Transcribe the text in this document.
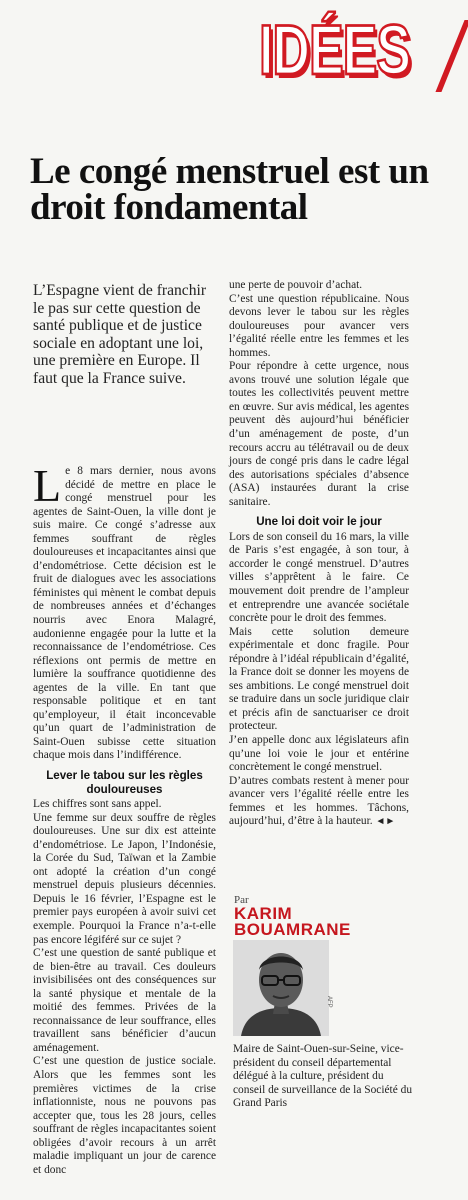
IDÉES
Le congé menstruel est un droit fondamental

L’Espagne vient de franchir le pas sur cette question de santé publique et de justice sociale en adoptant une loi, une première en Europe. Il faut que la France suive.

Le 8 mars dernier, nous avons décidé de mettre en place le congé menstruel pour les agentes de Saint-Ouen, la ville dont je suis maire. Ce congé s’adresse aux femmes souffrant de règles douloureuses et incapacitantes ainsi que d’endométriose. Cette décision est le fruit de dialogues avec les associations féministes qui mènent le combat depuis de nombreuses années et d’échanges nourris avec Enora Malagré, audonienne engagée pour la lutte et la reconnaissance de l’endométriose. Ces réflexions ont permis de mettre en lumière la souffrance quotidienne des agentes de la ville. En tant que responsable politique et en tant qu’employeur, il était inconcevable qu’un quart de l’administration de Saint-Ouen subisse cette situation chaque mois dans l’indifférence.

Lever le tabou sur les règles douloureuses

Les chiffres sont sans appel.

Une femme sur deux souffre de règles douloureuses. Une sur dix est atteinte d’endométriose. Le Japon, l’Indonésie, la Corée du Sud, Taïwan et la Zambie ont adopté la création d’un congé menstruel depuis plusieurs décennies. Depuis le 16 février, l’Espagne est le premier pays européen à avoir suivi cet exemple. Pourquoi la France n’a-t-elle pas encore légiféré sur ce sujet ?

C’est une question de santé publique et de bien-être au travail. Ces douleurs invisibilisées ont des conséquences sur la santé physique et mentale de la moitié des femmes. Privées de la reconnaissance de leur souffrance, elles travaillent sans bénéficier d’aucun aménagement.

C’est une question de justice sociale. Alors que les femmes sont les premières victimes de la crise inflationniste, nous ne pouvons pas accepter que, tous les 28 jours, celles souffrant de règles incapacitantes soient obligées d’avoir recours à un arrêt maladie impliquant un jour de carence et donc

une perte de pouvoir d’achat.

C’est une question républicaine. Nous devons lever le tabou sur les règles douloureuses pour avancer vers l’égalité réelle entre les femmes et les hommes.

Pour répondre à cette urgence, nous avons trouvé une solution légale que toutes les collectivités peuvent mettre en œuvre. Sur avis médical, les agentes peuvent dès aujourd’hui bénéficier d’un aménagement de poste, d’un recours accru au télétravail ou de deux jours de congé pris dans le cadre légal des autorisations spéciales d’absence (ASA) instaurées durant la crise sanitaire.

Une loi doit voir le jour

Lors de son conseil du 16 mars, la ville de Paris s’est engagée, à son tour, à accorder le congé menstruel. D’autres villes s’apprêtent à le faire. Ce mouvement doit prendre de l’ampleur et entreprendre une avancée sociétale concrète pour le droit des femmes.

Mais cette solution demeure expérimentale et donc fragile. Pour répondre à l’idéal républicain d’égalité, la France doit se donner les moyens de ses ambitions. Le congé menstruel doit se traduire dans un socle juridique clair et précis afin de sanctuariser ce droit protecteur.

J’en appelle donc aux législateurs afin qu’une loi voie le jour et entérine concrètement le congé menstruel.

D’autres combats restent à mener pour avancer vers l’égalité réelle entre les femmes et les hommes. Tâchons, aujourd’hui, d’être à la hauteur. ◄►

Par
KARIM BOUAMRANE
AFP

Maire de Saint-Ouen-sur-Seine, vice-président du conseil départemental délégué à la culture, président du conseil de surveillance de la Société du Grand Paris
